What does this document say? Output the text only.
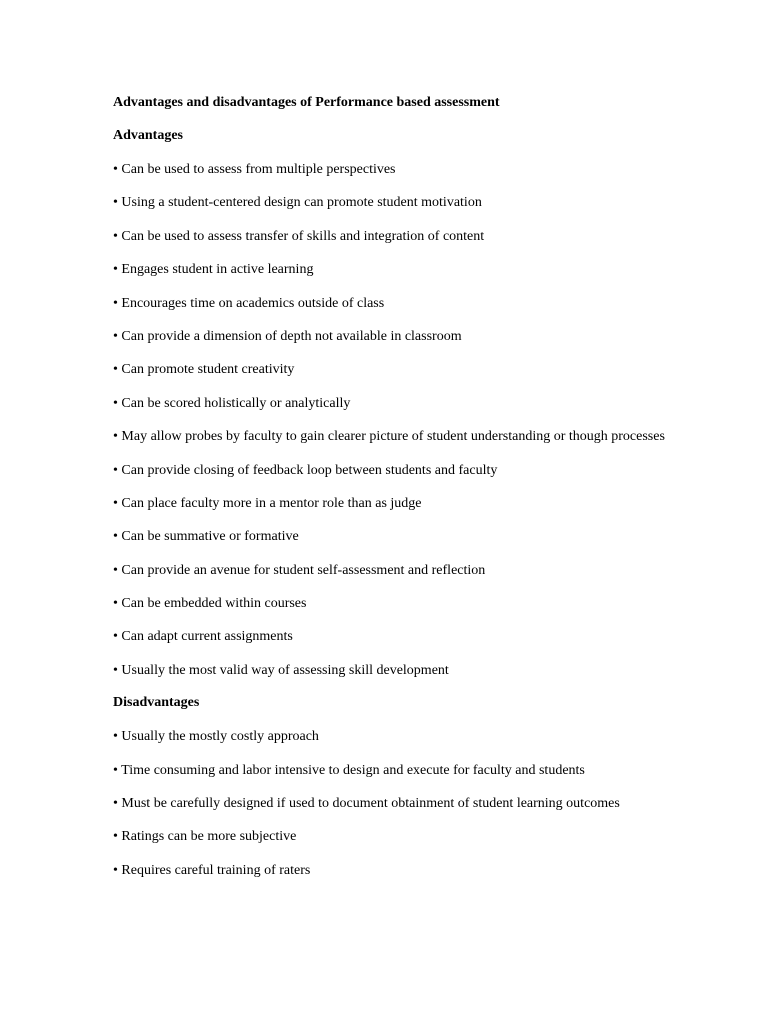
Advantages and disadvantages of Performance based assessment
Advantages
• Can be used to assess from multiple perspectives
• Using a student-centered design can promote student motivation
• Can be used to assess transfer of skills and integration of content
• Engages student in active learning
• Encourages time on academics outside of class
• Can provide a dimension of depth not available in classroom
• Can promote student creativity
• Can be scored holistically or analytically
• May allow probes by faculty to gain clearer picture of student understanding or though processes
• Can provide closing of feedback loop between students and faculty
• Can place faculty more in a mentor role than as judge
• Can be summative or formative
• Can provide an avenue for student self-assessment and reflection
• Can be embedded within courses
• Can adapt current assignments
• Usually the most valid way of assessing skill development
Disadvantages
• Usually the mostly costly approach
• Time consuming and labor intensive to design and execute for faculty and students
• Must be carefully designed if used to document obtainment of student learning outcomes
• Ratings can be more subjective
• Requires careful training of raters
